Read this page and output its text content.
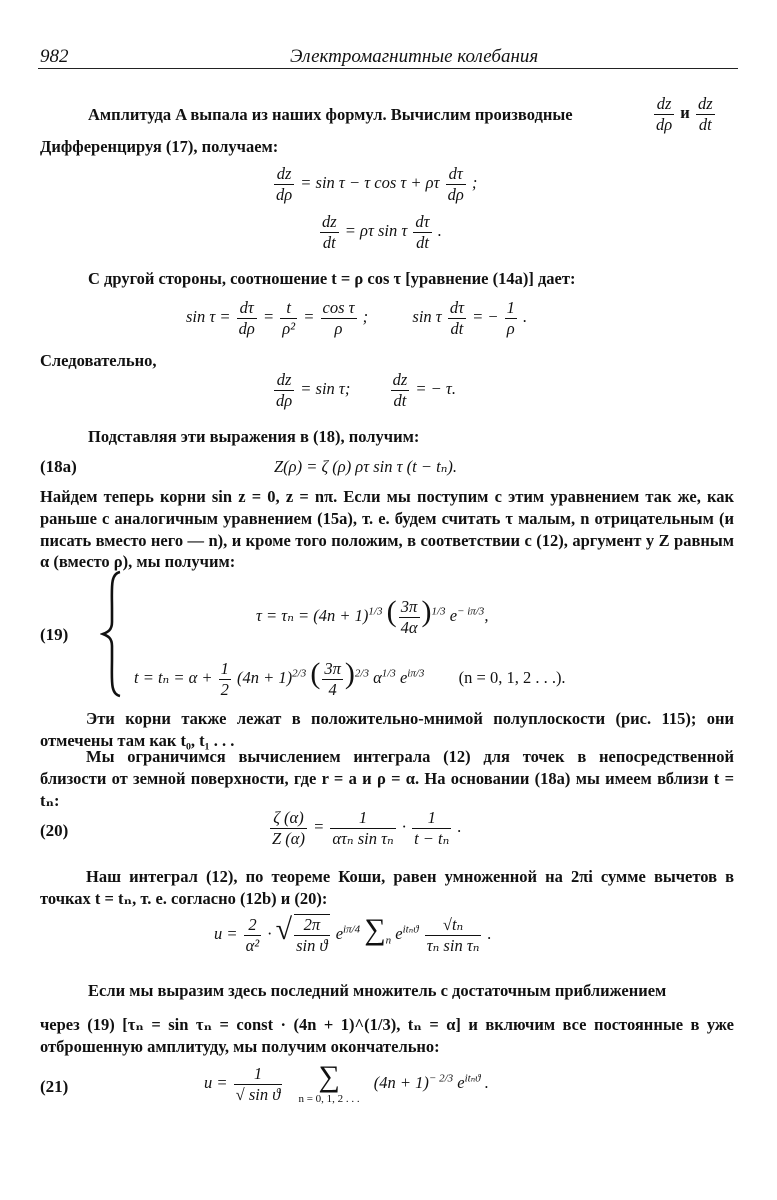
982	Электромагнитные колебания
Амплитуда A выпала из наших формул. Вычислим производные	$\frac{dz}{d\rho}$ и $\frac{dz}{dt}$
Дифференцируя (17), получаем:
$\frac{dz}{d\rho} = \sin \tau - \tau$ cos τ + ρτ $\frac{d\tau}{d\rho}$ ;
$\frac{dz}{dt} = \rho\tau$ sin τ $\frac{d\tau}{dt}$ .
С другой стороны, соотношение t = ρ cos τ [уравнение (14а)] дает:
$\sin \tau = \frac{d\tau}{d\rho} = \frac{t}{\text{ρ²}} = \frac{\text{cos τ}}{\rho}$ ;	sin τ $\frac{d\tau}{dt}$ = − $\frac{1}{\rho}$ .
Следовательно,
$\frac{dz}{d\rho} = \sin \tau$; $\frac{dz}{dt}$ = − τ.
Подставляя эти выражения в (18), получим:
(18a)	Z(ρ) = ζ (ρ) ρτ sin τ (t − tₙ).
Найдем теперь корни sin z = 0, z = nπ. Если мы поступим с этим уравнением так же, как раньше с аналогичным уравнением (15а), т. е. будем считать τ малым, n отрицательным (и писать вместо него — n), и кроме того положим, в соответствии с (12), аргумент у Z равным α (вместо ρ), мы получим:
(19)
$\tau = \tau_n = (4n + 1)^{1/3}$ ( $\frac{3\pi}{4\alpha} )^{1/3}$ $e^{- i\pi/3}$,
$t = t_n = \alpha + \frac{1}{2} (4n + 1)^{2/3}$ ( $\frac{3\pi}{4} )^{2/3}$ $\alpha^{1/3}$ $e^{i\pi/3}$ (n = 0, 1, 2 . . .).
Эти корни также лежат в положительно-мнимой полуплоскости (рис. 115); они отмечены там как t₀, t₁ . . .
Мы ограничимся вычислением интеграла (12) для точек в непосредственной близости от земной поверхности, где r = a и ρ = α. На основании (18а) мы имеем вблизи t = tₙ:
(20)	$\frac{\zeta (\alpha)}{Z (\alpha)} = \frac{1}{\text{ατₙ sin τₙ}} \cdot \frac{1}{\text{t − tₙ}}$ .
Наш интеграл (12), по теореме Коши, равен умноженной на 2πi сумме вычетов в точках t = tₙ, т. е. согласно (12b) и (20):
$u = \frac{2}{\text{α²}}$ · √ $\frac{2\pi}{\text{sin ϑ}} e^{i\pi/4}$ $\sum_n$ $e^{it_nϑ} \frac{\text{√tₙ}}{\text{τₙ sin τₙ}}$ .
Если мы выразим здесь последний множитель с достаточным приближением
через (19) [τₙ = sin τₙ = const · (4n + 1)^(1/3), tₙ = α] и включим все постоянные в уже отброшенную амплитуду, мы получим окончательно:
(21)	$u = \frac{1}{\text{√ sin ϑ}}$
	∑
n = 0, 1, 2 . . .
$(4n + 1)^{- 2/3}$ $e^{it_nϑ}$ .
